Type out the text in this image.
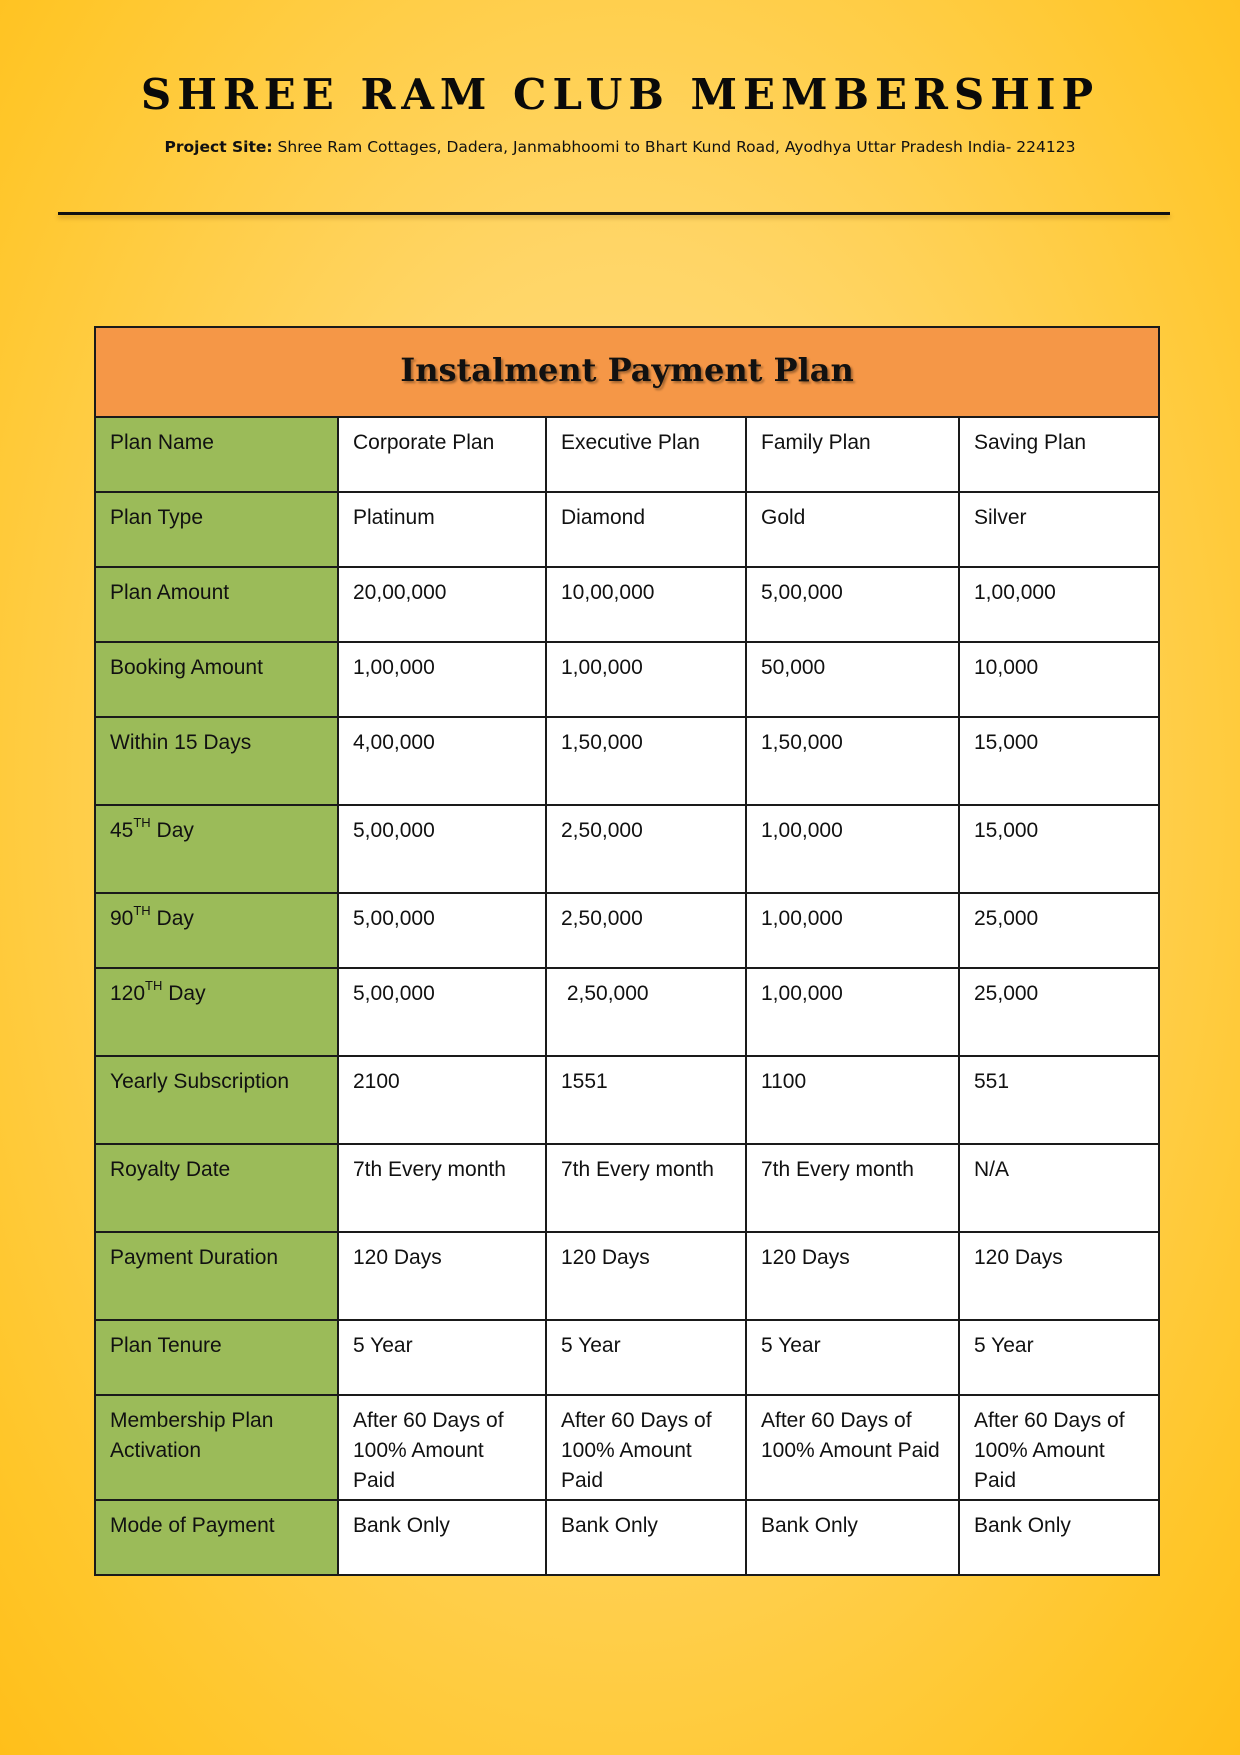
SHREE RAM CLUB MEMBERSHIP
Project Site: Shree Ram Cottages, Dadera, Janmabhoomi to Bhart Kund Road, Ayodhya Uttar Pradesh India- 224123
Instalment Payment Plan				
Plan Name	Corporate Plan	Executive Plan	Family Plan	Saving Plan
Plan Type	Platinum	Diamond	Gold	Silver
Plan Amount	20,00,000	10,00,000	5,00,000	1,00,000
Booking Amount	1,00,000	1,00,000	50,000	10,000
Within 15 Days	4,00,000	1,50,000	1,50,000	15,000
45TH Day	5,00,000	2,50,000	1,00,000	15,000
90TH Day	5,00,000	2,50,000	1,00,000	25,000
120TH Day	5,00,000	2,50,000	1,00,000	25,000
Yearly Subscription	2100	1551	1100	551
Royalty Date	7th Every month	7th Every month	7th Every month	N/A
Payment Duration	120 Days	120 Days	120 Days	120 Days
Plan Tenure	5 Year	5 Year	5 Year	5 Year
Membership Plan Activation	After 60 Days of 100% Amount Paid	After 60 Days of 100% Amount Paid	After 60 Days of 100% Amount Paid	After 60 Days of 100% Amount Paid
Mode of Payment	Bank Only	Bank Only	Bank Only	Bank Only
